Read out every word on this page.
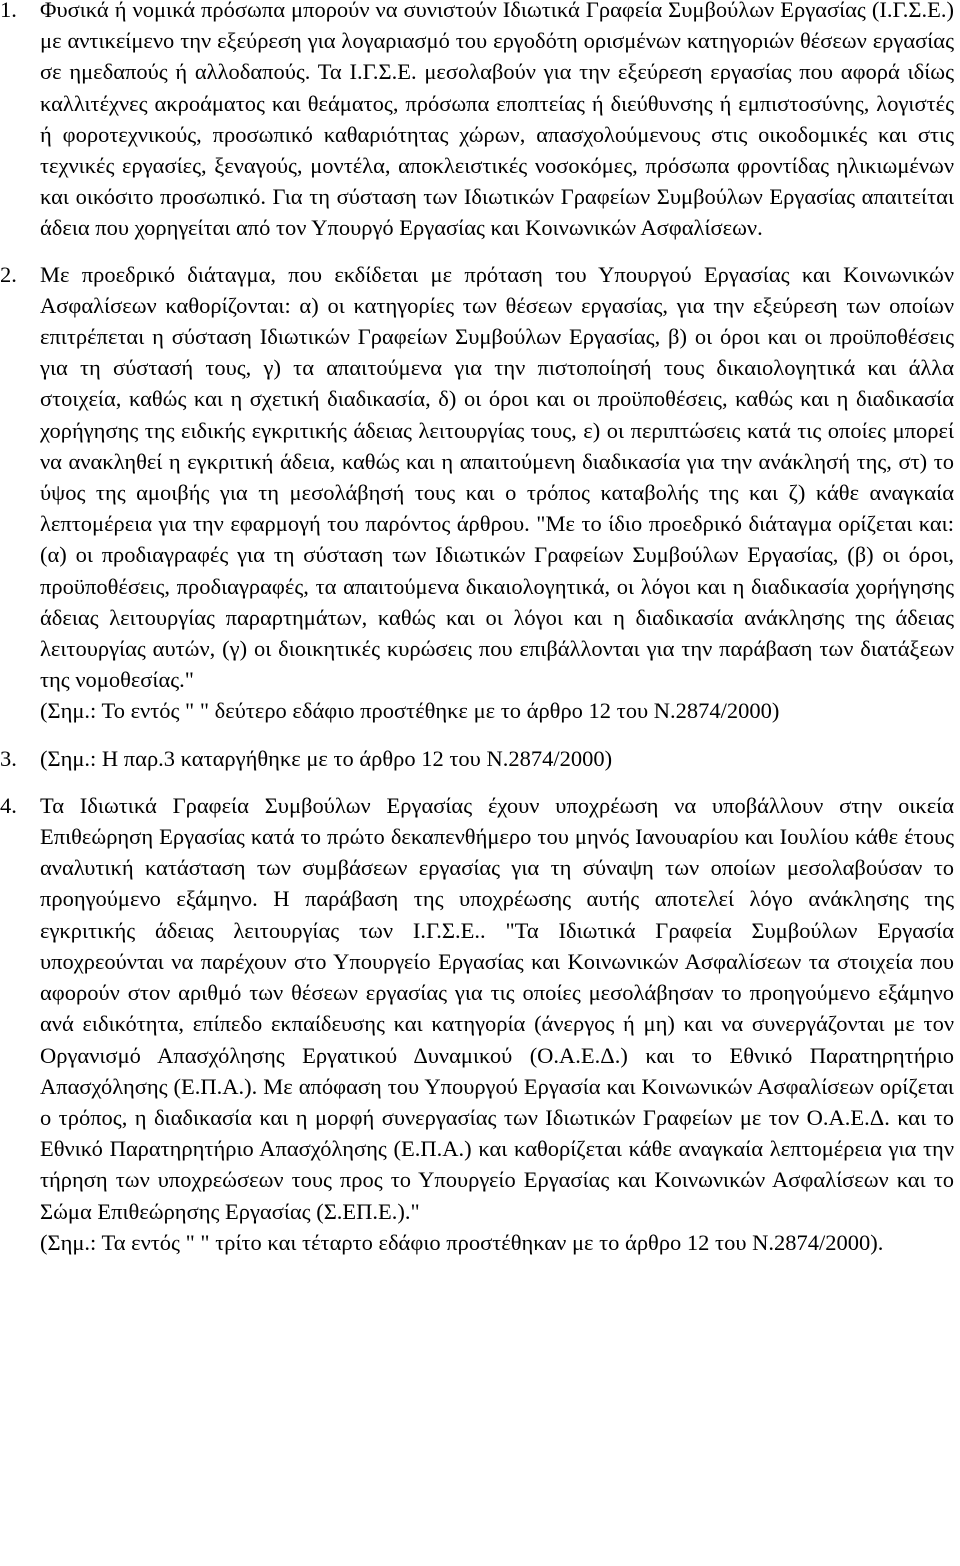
1.	Φυσικά ή νομικά πρόσωπα μπορούν να συνιστούν Ιδιωτικά Γραφεία Συμβούλων Εργασίας (Ι.Γ.Σ.Ε.) με αντικείμενο την εξεύρεση για λογαριασμό του εργοδότη ορισμένων κατηγοριών θέσεων εργασίας σε ημεδαπούς ή αλλοδαπούς. Τα Ι.Γ.Σ.Ε. μεσολαβούν για την εξεύρεση εργασίας που αφορά ιδίως καλλιτέχνες ακροάματος και θεάματος, πρόσωπα εποπτείας ή διεύθυνσης ή εμπιστοσύνης, λογιστές ή φοροτεχνικούς, προσωπικό καθαριότητας χώρων, απασχολούμενους στις οικοδομικές και στις τεχνικές εργασίες, ξεναγούς, μοντέλα, αποκλειστικές νοσοκόμες, πρόσωπα φροντίδας ηλικιωμένων και οικόσιτο προσωπικό. Για τη σύσταση των Ιδιωτικών Γραφείων Συμβούλων Εργασίας απαιτείται άδεια που χορηγείται από τον Υπουργό Εργασίας και Κοινωνικών Ασφαλίσεων.

2.	Με προεδρικό διάταγμα, που εκδίδεται με πρόταση του Υπουργού Εργασίας και Κοινωνικών Ασφαλίσεων καθορίζονται: α) οι κατηγορίες των θέσεων εργασίας, για την εξεύρεση των οποίων επιτρέπεται η σύσταση Ιδιωτικών Γραφείων Συμβούλων Εργασίας, β) οι όροι και οι προϋποθέσεις για τη σύστασή τους, γ) τα απαιτούμενα για την πιστοποίησή τους δικαιολογητικά και άλλα στοιχεία, καθώς και η σχετική διαδικασία, δ) οι όροι και οι προϋποθέσεις, καθώς και η διαδικασία χορήγησης της ειδικής εγκριτικής άδειας λειτουργίας τους, ε) οι περιπτώσεις κατά τις οποίες μπορεί να ανακληθεί η εγκριτική άδεια, καθώς και η απαιτούμενη διαδικασία για την ανάκλησή της, στ) το ύψος της αμοιβής για τη μεσολάβησή τους και ο τρόπος καταβολής της και ζ) κάθε αναγκαία λεπτομέρεια για την εφαρμογή του παρόντος άρθρου. "Με το ίδιο προεδρικό διάταγμα ορίζεται και: (α) οι προδιαγραφές για τη σύσταση των Ιδιωτικών Γραφείων Συμβούλων Εργασίας, (β) οι όροι, προϋποθέσεις, προδιαγραφές, τα απαιτούμενα δικαιολογητικά, οι λόγοι και η διαδικασία χορήγησης άδειας λειτουργίας παραρτημάτων, καθώς και οι λόγοι και η διαδικασία ανάκλησης της άδειας λειτουργίας αυτών, (γ) οι διοικητικές κυρώσεις που επιβάλλονται για την παράβαση των διατάξεων της νομοθεσίας."

(Σημ.: Το εντός " " δεύτερο εδάφιο προστέθηκε με το άρθρο 12 του Ν.2874/2000)

3.	(Σημ.: Η παρ.3 καταργήθηκε με το άρθρο 12 του Ν.2874/2000)

4.	Τα Ιδιωτικά Γραφεία Συμβούλων Εργασίας έχουν υποχρέωση να υποβάλλουν στην οικεία Επιθεώρηση Εργασίας κατά το πρώτο δεκαπενθήμερο του μηνός Ιανουαρίου και Ιουλίου κάθε έτους αναλυτική κατάσταση των συμβάσεων εργασίας για τη σύναψη των οποίων μεσολαβούσαν το προηγούμενο εξάμηνο. Η παράβαση της υποχρέωσης αυτής αποτελεί λόγο ανάκλησης της εγκριτικής άδειας λειτουργίας των Ι.Γ.Σ.Ε.. "Τα Ιδιωτικά Γραφεία Συμβούλων Εργασία υποχρεούνται να παρέχουν στο Υπουργείο Εργασίας και Κοινωνικών Ασφαλίσεων τα στοιχεία που αφορούν στον αριθμό των θέσεων εργασίας για τις οποίες μεσολάβησαν το προηγούμενο εξάμηνο ανά ειδικότητα, επίπεδο εκπαίδευσης και κατηγορία (άνεργος ή μη) και να συνεργάζονται με τον Οργανισμό Απασχόλησης Εργατικού Δυναμικού (Ο.Α.Ε.Δ.) και το Εθνικό Παρατηρητήριο Απασχόλησης (Ε.Π.Α.). Με απόφαση του Υπουργού Εργασία και Κοινωνικών Ασφαλίσεων ορίζεται ο τρόπος, η διαδικασία και η μορφή συνεργασίας των Ιδιωτικών Γραφείων με τον Ο.Α.Ε.Δ. και το Εθνικό Παρατηρητήριο Απασχόλησης (Ε.Π.Α.) και καθορίζεται κάθε αναγκαία λεπτομέρεια για την τήρηση των υποχρεώσεων τους προς το Υπουργείο Εργασίας και Κοινωνικών Ασφαλίσεων και το Σώμα Επιθεώρησης Εργασίας (Σ.ΕΠ.Ε.)."

(Σημ.: Τα εντός " " τρίτο και τέταρτο εδάφιο προστέθηκαν με το άρθρο 12 του Ν.2874/2000).
